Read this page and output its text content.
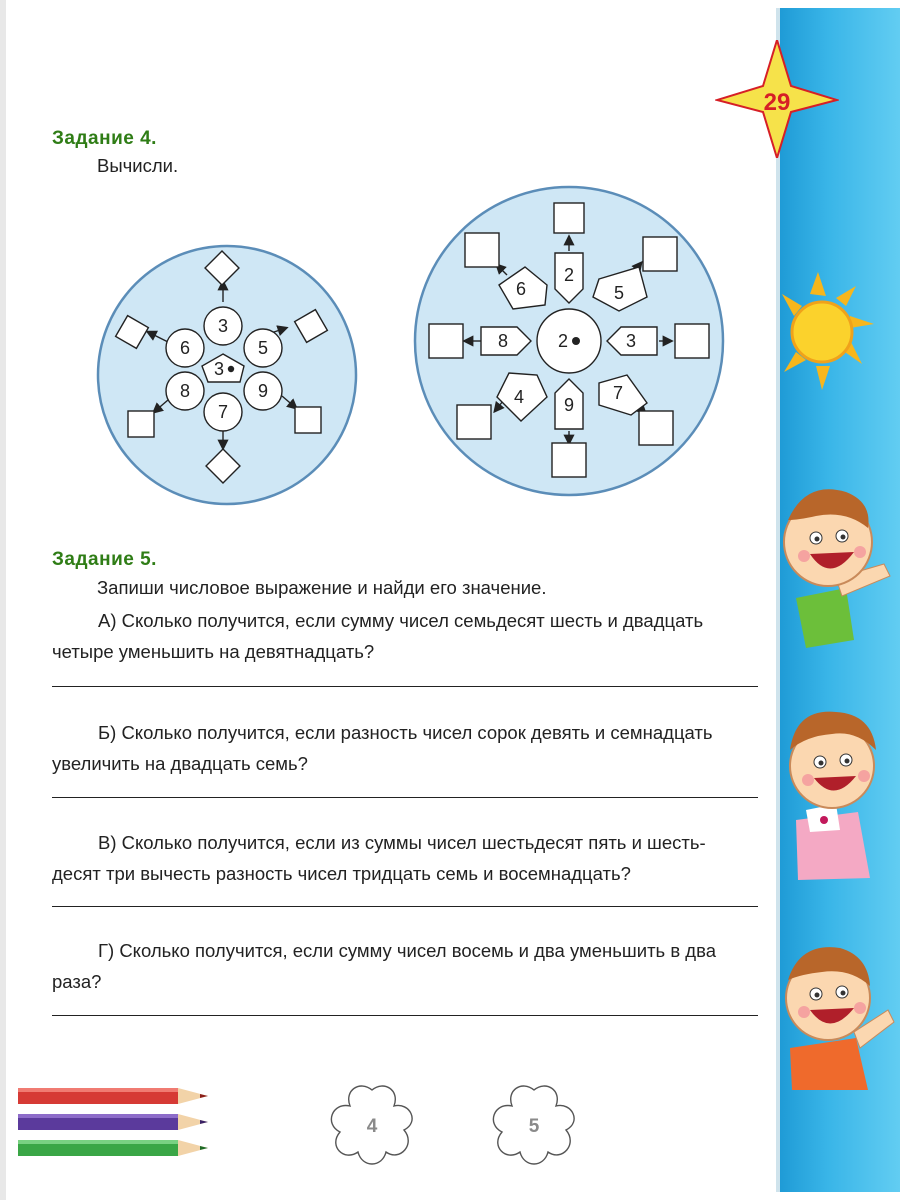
29
Задание 4.
Вычисли.
3
5
9
7
8
6
3
2
5
3
7
9
4
8
6
2
Задание 5.
Запиши числовое выражение и найди его значение.
А) Сколько получится, если сумму чисел семьдесят шесть и двадцать
четыре уменьшить на девятнадцать?
Б) Сколько получится, если разность чисел сорок девять и семнадцать
увеличить на двадцать семь?
В) Сколько получится, если из суммы чисел шестьдесят пять и шесть-
десят три вычесть разность чисел тридцать семь и восемнадцать?
Г) Сколько получится, если сумму чисел восемь и два уменьшить в два
раза?
4	5
